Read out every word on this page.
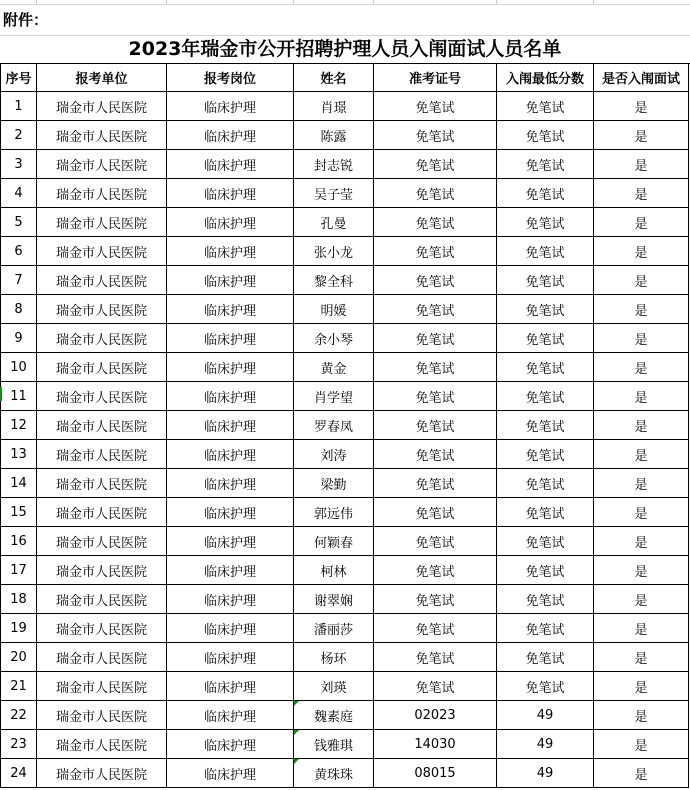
附件：
2023年瑞金市公开招聘护理人员入闱面试人员名单
序号	报考单位	报考岗位	姓名	准考证号	入闱最低分数	是否入闱面试
1	瑞金市人民医院	临床护理	肖璟	免笔试	免笔试	是
2	瑞金市人民医院	临床护理	陈露	免笔试	免笔试	是
3	瑞金市人民医院	临床护理	封志锐	免笔试	免笔试	是
4	瑞金市人民医院	临床护理	吴子莹	免笔试	免笔试	是
5	瑞金市人民医院	临床护理	孔曼	免笔试	免笔试	是
6	瑞金市人民医院	临床护理	张小龙	免笔试	免笔试	是
7	瑞金市人民医院	临床护理	黎全科	免笔试	免笔试	是
8	瑞金市人民医院	临床护理	明媛	免笔试	免笔试	是
9	瑞金市人民医院	临床护理	余小琴	免笔试	免笔试	是
10	瑞金市人民医院	临床护理	黄金	免笔试	免笔试	是
11	瑞金市人民医院	临床护理	肖学望	免笔试	免笔试	是
12	瑞金市人民医院	临床护理	罗春凤	免笔试	免笔试	是
13	瑞金市人民医院	临床护理	刘涛	免笔试	免笔试	是
14	瑞金市人民医院	临床护理	梁勤	免笔试	免笔试	是
15	瑞金市人民医院	临床护理	郭远伟	免笔试	免笔试	是
16	瑞金市人民医院	临床护理	何颖春	免笔试	免笔试	是
17	瑞金市人民医院	临床护理	柯林	免笔试	免笔试	是
18	瑞金市人民医院	临床护理	谢翠娴	免笔试	免笔试	是
19	瑞金市人民医院	临床护理	潘丽莎	免笔试	免笔试	是
20	瑞金市人民医院	临床护理	杨环	免笔试	免笔试	是
21	瑞金市人民医院	临床护理	刘瑛	免笔试	免笔试	是
22	瑞金市人民医院	临床护理	魏素庭	02023	49	是
23	瑞金市人民医院	临床护理	钱雅琪	14030	49	是
24	瑞金市人民医院	临床护理	黄珠珠	08015	49	是
